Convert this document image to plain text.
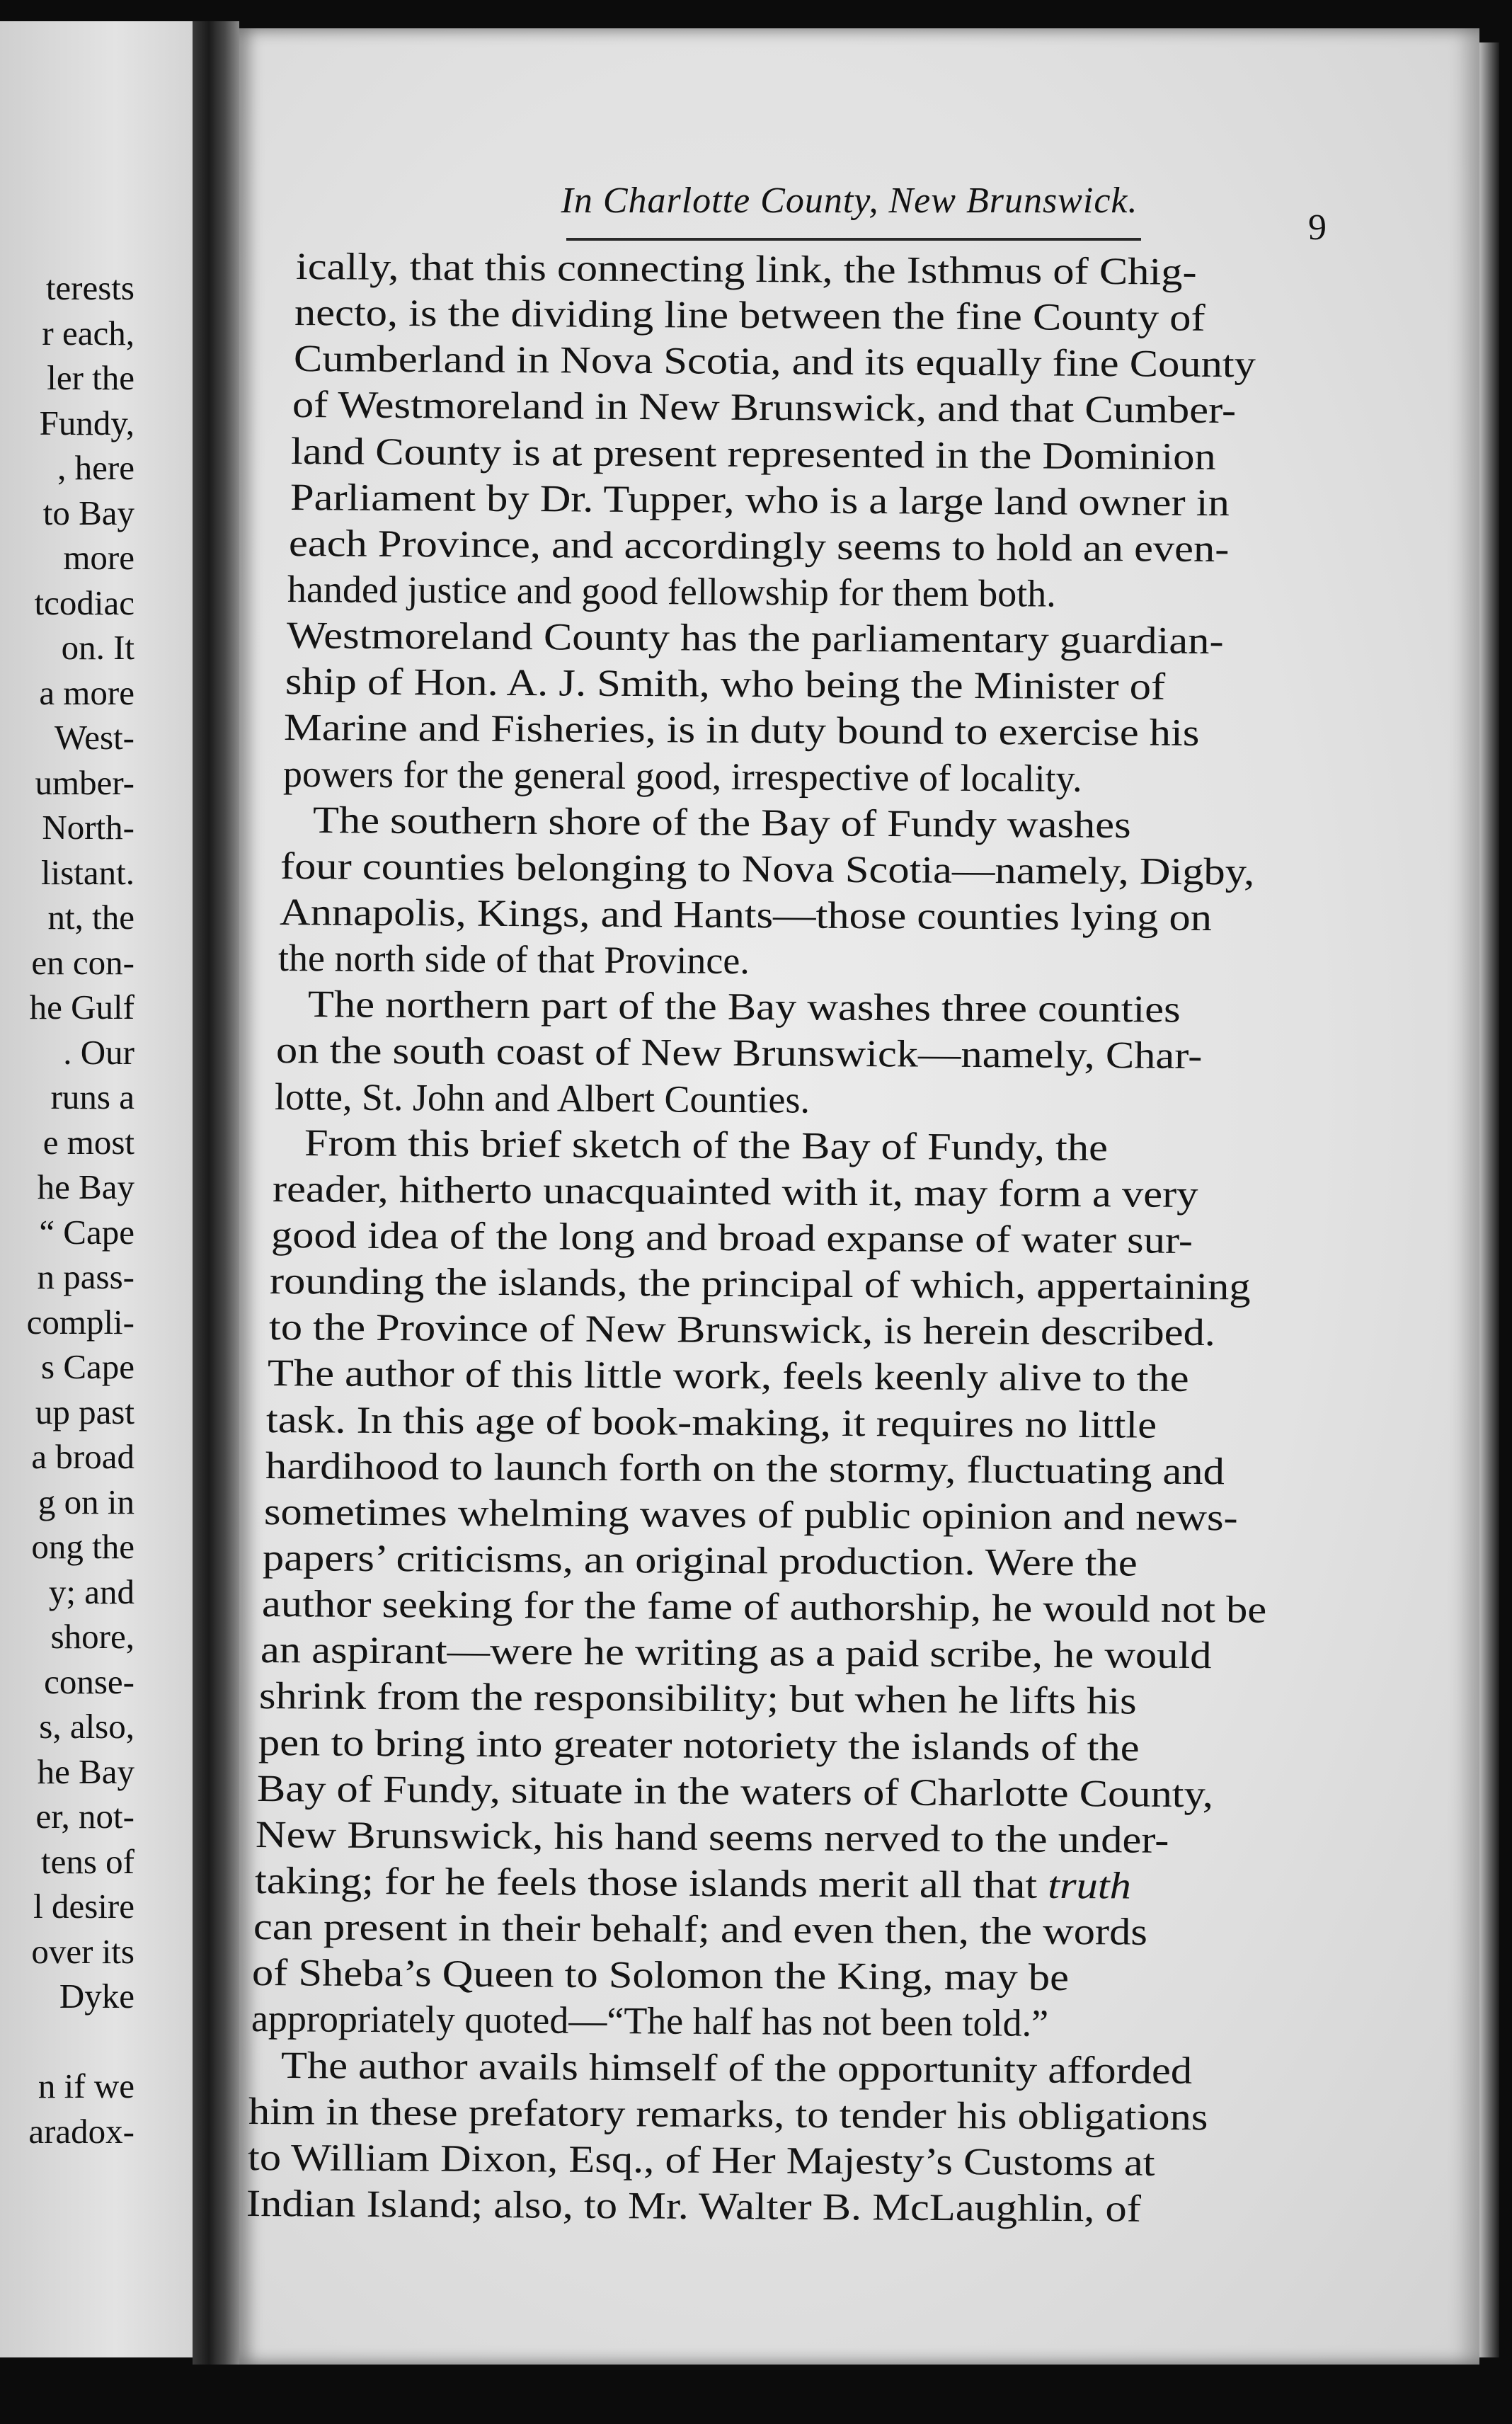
terests
r each,
ler the
Fundy,
, here
to Bay
more
tcodiac
on. It
a more
West-
umber-
North-
listant.
nt, the
en con-
he Gulf
. Our
runs a
e most
he Bay
“ Cape
n pass-
compli-
s Cape
up past
a broad
g on in
ong the
y; and
shore,
conse-
s, also,
he Bay
er, not-
tens of
l desire
over its
Dyke
n if we
aradox-
In Charlotte County, New Brunswick.
9
ically, that this connecting link, the Isthmus of Chig-
necto, is the dividing line between the fine County of
Cumberland in Nova Scotia, and its equally fine County
of Westmoreland in New Brunswick, and that Cumber-
land County is at present represented in the Dominion
Parliament by Dr. Tupper, who is a large land owner in
each Province, and accordingly seems to hold an even-
handed justice and good fellowship for them both.
Westmoreland County has the parliamentary guardian-
ship of Hon. A. J. Smith, who being the Minister of
Marine and Fisheries, is in duty bound to exercise his
powers for the general good, irrespective of locality.
The southern shore of the Bay of Fundy washes
four counties belonging to Nova Scotia—namely, Digby,
Annapolis, Kings, and Hants—those counties lying on
the north side of that Province.
The northern part of the Bay washes three counties
on the south coast of New Brunswick—namely, Char-
lotte, St. John and Albert Counties.
From this brief sketch of the Bay of Fundy, the
reader, hitherto unacquainted with it, may form a very
good idea of the long and broad expanse of water sur-
rounding the islands, the principal of which, appertaining
to the Province of New Brunswick, is herein described.
The author of this little work, feels keenly alive to the
task. In this age of book-making, it requires no little
hardihood to launch forth on the stormy, fluctuating and
sometimes whelming waves of public opinion and news-
papers’ criticisms, an original production. Were the
author seeking for the fame of authorship, he would not be
an aspirant—were he writing as a paid scribe, he would
shrink from the responsibility; but when he lifts his
pen to bring into greater notoriety the islands of the
Bay of Fundy, situate in the waters of Charlotte County,
New Brunswick, his hand seems nerved to the under-
taking; for he feels those islands merit all that truth
can present in their behalf; and even then, the words
of Sheba’s Queen to Solomon the King, may be
appropriately quoted—“The half has not been told.”
The author avails himself of the opportunity afforded
him in these prefatory remarks, to tender his obligations
to William Dixon, Esq., of Her Majesty’s Customs at
Indian Island; also, to Mr. Walter B. McLaughlin, of
